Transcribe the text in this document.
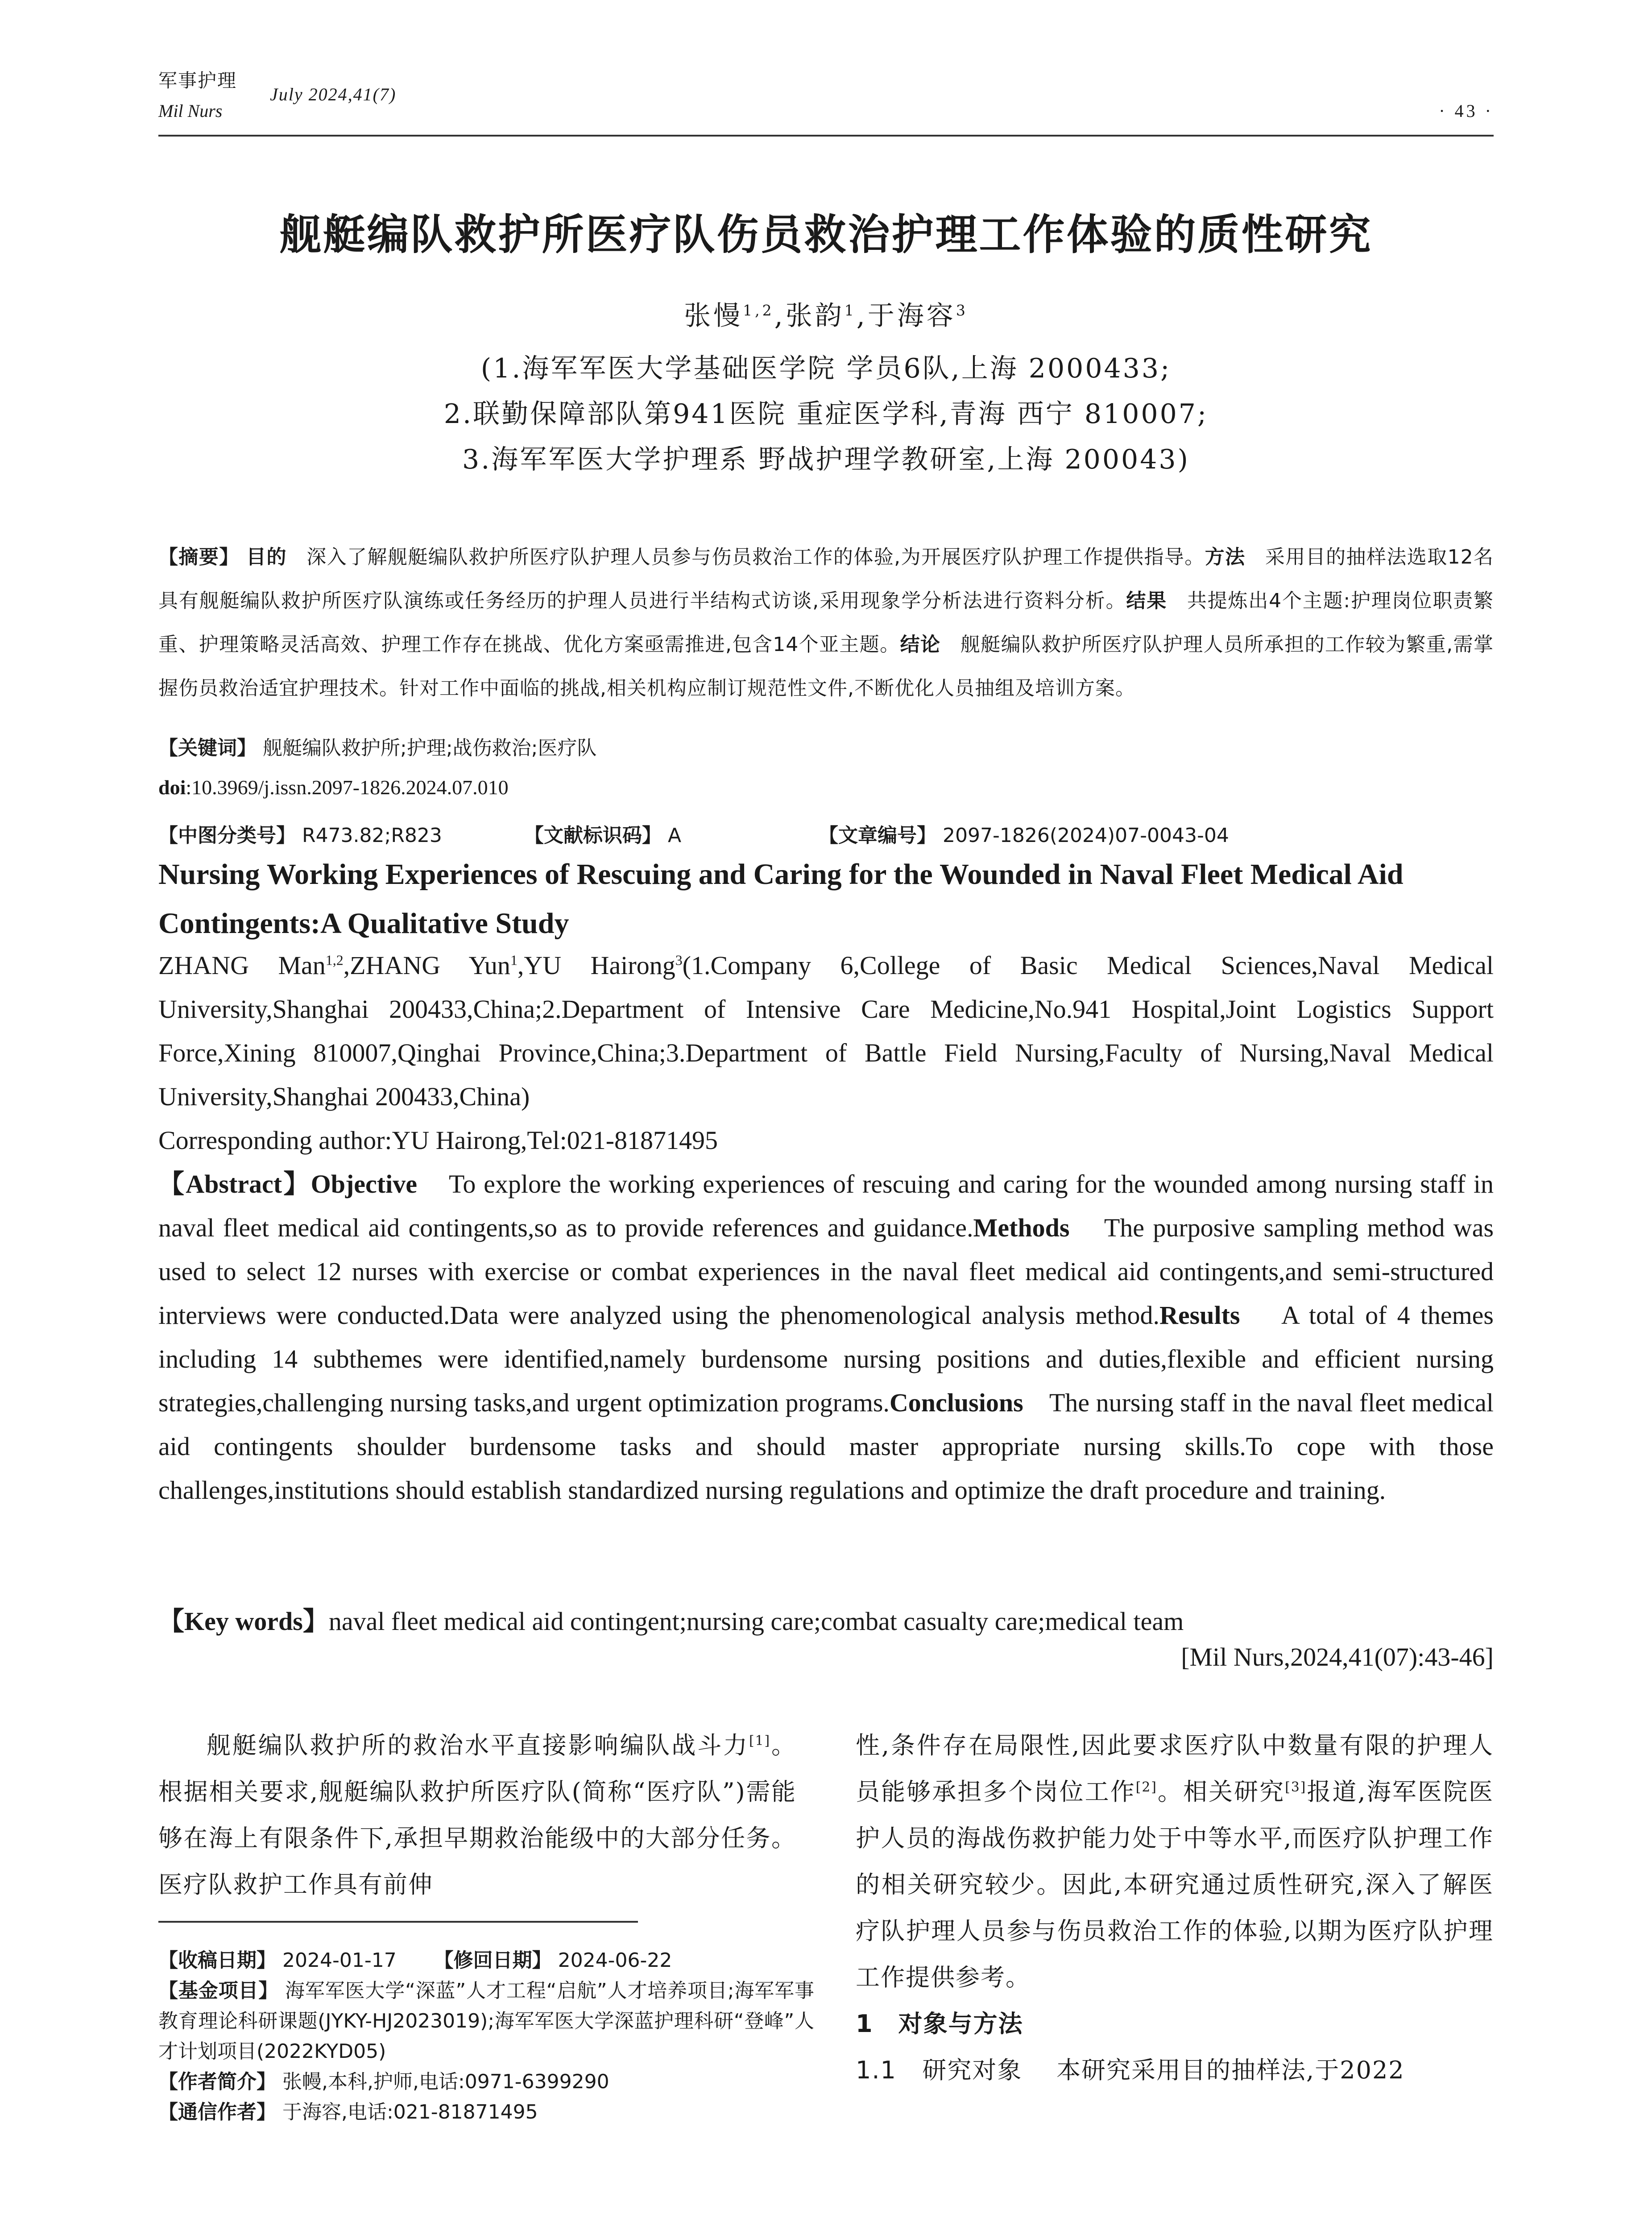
军事护理
Mil Nurs
July 2024,41(7)
· 43 ·
舰艇编队救护所医疗队伤员救治护理工作体验的质性研究
张慢$^{1,2}$,张韵$^1$,于海容$^3$
(1.海军军医大学基础医学院 学员6队,上海 2000433;
2.联勤保障部队第941医院 重症医学科,青海 西宁 810007;
3.海军军医大学护理系 野战护理学教研室,上海 200043)
【摘要】 目的 深入了解舰艇编队救护所医疗队护理人员参与伤员救治工作的体验,为开展医疗队护理工作提供指导。方法 采用目的抽样法选取12名具有舰艇编队救护所医疗队演练或任务经历的护理人员进行半结构式访谈,采用现象学分析法进行资料分析。结果 共提炼出4个主题:护理岗位职责繁重、护理策略灵活高效、护理工作存在挑战、优化方案亟需推进,包含14个亚主题。结论 舰艇编队救护所医疗队护理人员所承担的工作较为繁重,需掌握伤员救治适宜护理技术。针对工作中面临的挑战,相关机构应制订规范性文件,不断优化人员抽组及培训方案。
【关键词】 舰艇编队救护所;护理;战伤救治;医疗队
doi:10.3969/j.issn.2097-1826.2024.07.010
【中图分类号】 R473.82;R823	【文献标识码】 A	【文章编号】 2097-1826(2024)07-0043-04
Nursing Working Experiences of Rescuing and Caring for the Wounded in Naval Fleet Medical Aid Contingents:A Qualitative Study
ZHANG Man$^{1,2}$,ZHANG Yun$^1$,YU Hairong$^3$(1.Company 6,College of Basic Medical Sciences,Naval Medical University,Shanghai 200433,China;2.Department of Intensive Care Medicine,No.941 Hospital,Joint Logistics Support Force,Xining 810007,Qinghai Province,China;3.Department of Battle Field Nursing,Faculty of Nursing,Naval Medical University,Shanghai 200433,China)
Corresponding author:YU Hairong,Tel:021-81871495
【Abstract】Objective To explore the working experiences of rescuing and caring for the wounded among nursing staff in naval fleet medical aid contingents,so as to provide references and guidance.Methods The purposive sampling method was used to select 12 nurses with exercise or combat experiences in the naval fleet medical aid contingents,and semi-structured interviews were conducted.Data were analyzed using the phenomenological analysis method.Results A total of 4 themes including 14 subthemes were identified,namely burdensome nursing positions and duties,flexible and efficient nursing strategies,challenging nursing tasks,and urgent optimization programs.Conclusions The nursing staff in the naval fleet medical aid contingents shoulder burdensome tasks and should master appropriate nursing skills.To cope with those challenges,institutions should establish standardized nursing regulations and optimize the draft procedure and training.
【Key words】naval fleet medical aid contingent;nursing care;combat casualty care;medical team
[Mil Nurs,2024,41(07):43-46]
舰艇编队救护所的救治水平直接影响编队战斗力[1]。根据相关要求,舰艇编队救护所医疗队(简称“医疗队”)需能够在海上有限条件下,承担早期救治能级中的大部分任务。医疗队救护工作具有前伸
【收稿日期】 2024-01-17 【修回日期】 2024-06-22
【基金项目】 海军军医大学“深蓝”人才工程“启航”人才培养项目;海军军事教育理论科研课题(JYKY-HJ2023019);海军军医大学深蓝护理科研“登峰”人才计划项目(2022KYD05)
【作者简介】 张幔,本科,护师,电话:0971-6399290
【通信作者】 于海容,电话:021-81871495
性,条件存在局限性,因此要求医疗队中数量有限的护理人员能够承担多个岗位工作[2]。相关研究[3]报道,海军医院医护人员的海战伤救护能力处于中等水平,而医疗队护理工作的相关研究较少。因此,本研究通过质性研究,深入了解医疗队护理人员参与伤员救治工作的体验,以期为医疗队护理工作提供参考。
1　对象与方法
1.1 研究对象 本研究采用目的抽样法,于2022
